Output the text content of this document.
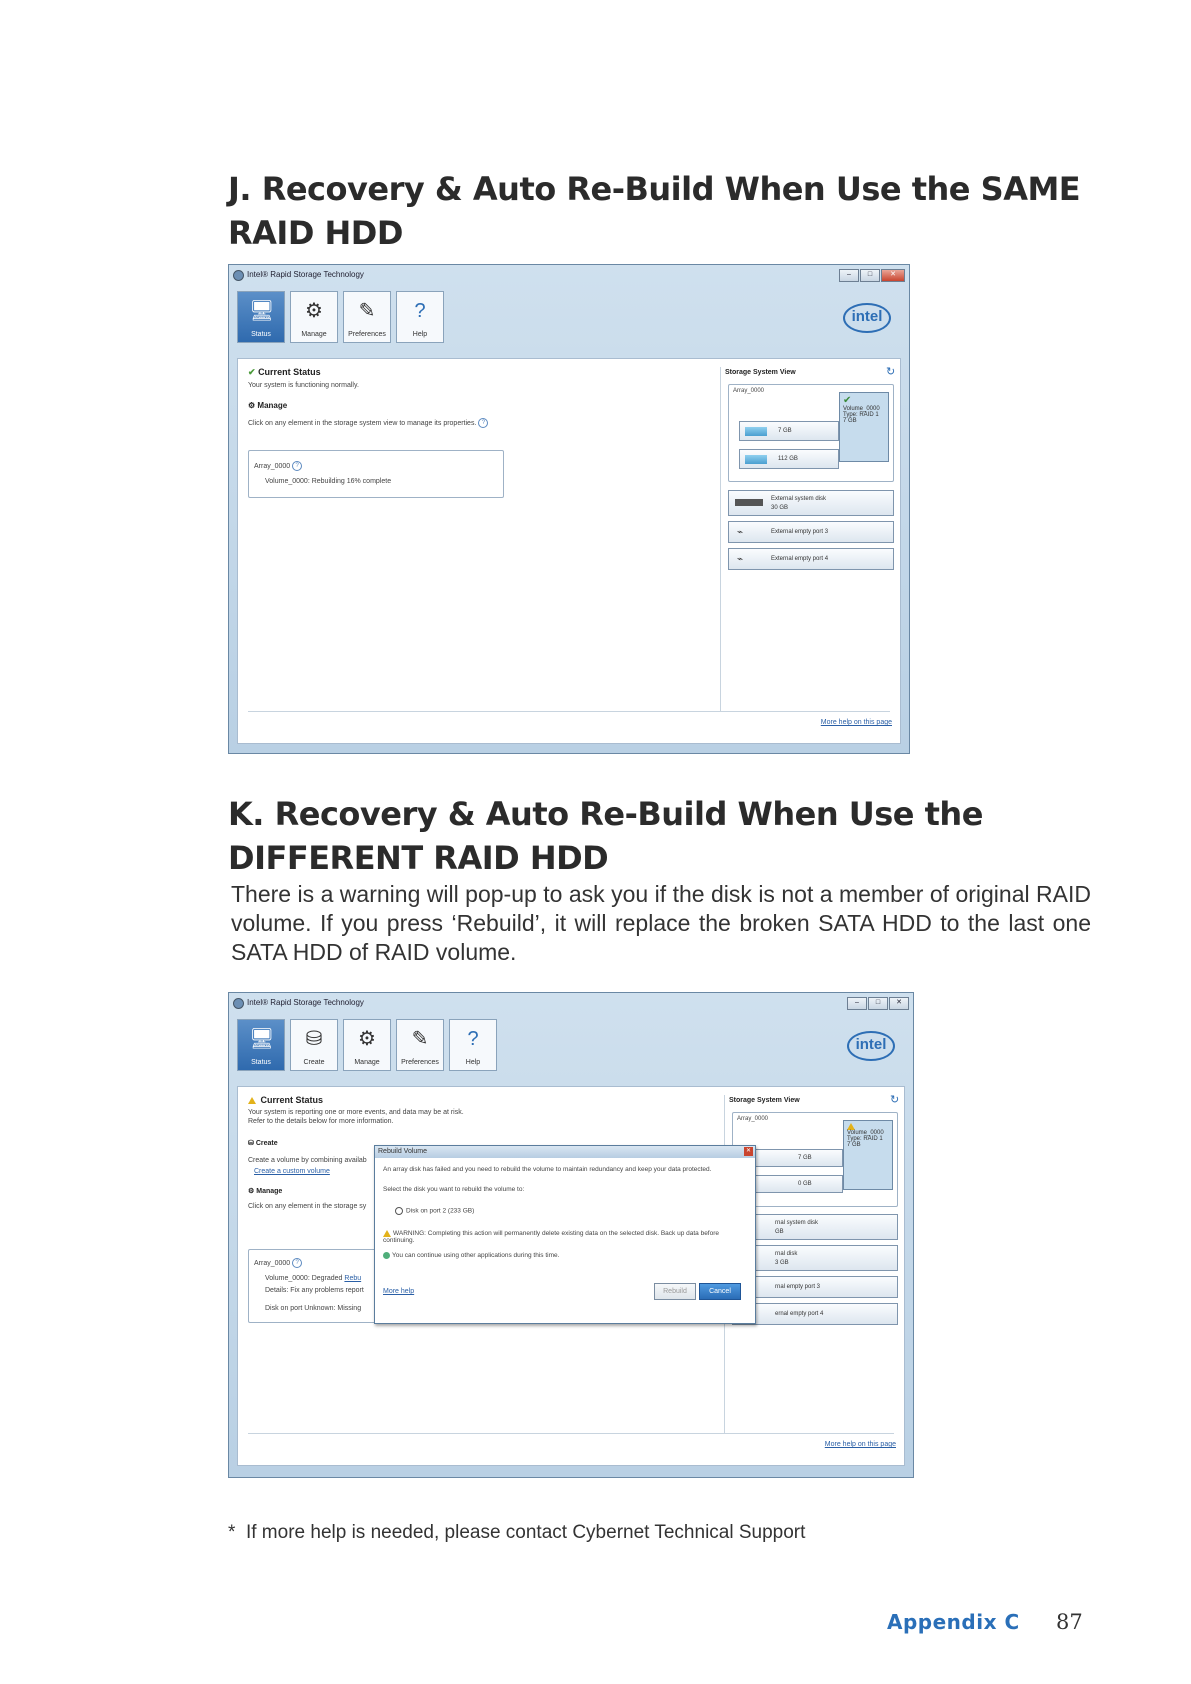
J. Recovery & Auto Re-Build When Use the SAME RAID HDD
Intel® Rapid Storage Technology	–	□	✕
🖥
Status
⚙
Manage
✎
Preferences
?
Help
intel
✔ Current Status
Your system is functioning normally.
⚙ Manage
Click on any element in the storage system view to manage its properties. ?
Array_0000 ?
Volume_0000: Rebuilding 16% complete
Storage System View	↻
Array_0000
7 GB
112 GB
✔
Volume_0000
Type: RAID 1
7 GB
External system disk
30 GB
⌁	External empty port 3
⌁	External empty port 4
More help on this page
K. Recovery & Auto Re-Build When Use the DIFFERENT RAID HDD

There is a warning will pop-up to ask you if the disk is not a member of original RAID volume. If you press ‘Rebuild’, it will replace the broken SATA HDD to the last one SATA HDD of RAID volume.

Intel® Rapid Storage Technology	–	□	✕
🖥
Status
⛁
Create
⚙
Manage
✎
Preferences
?
Help
intel
Current Status
Your system is reporting one or more events, and data may be at risk.
Refer to the details below for more information.
⛁ Create
Create a volume by combining availab
Create a custom volume
⚙ Manage
Click on any element in the storage sy
Array_0000 ?
Volume_0000: Degraded Rebu
Details: Fix any problems report
Disk on port Unknown: Missing
Storage System View	↻
Array_0000
7 GB
0 GB
Volume_0000
Type: RAID 1
7 GB
rnal system disk
GB
rnal disk
3 GB
rnal empty port 3
ernal empty port 4
More help on this page
Rebuild Volume	✕
An array disk has failed and you need to rebuild the volume to maintain redundancy and keep your data protected.
Select the disk you want to rebuild the volume to:
Disk on port 2 (233 GB)
WARNING: Completing this action will permanently delete existing data on the selected disk. Back up data before continuing.
You can continue using other applications during this time.
More help	Rebuild	Cancel
* If more help is needed, please contact Cybernet Technical Support
Appendix C 87
